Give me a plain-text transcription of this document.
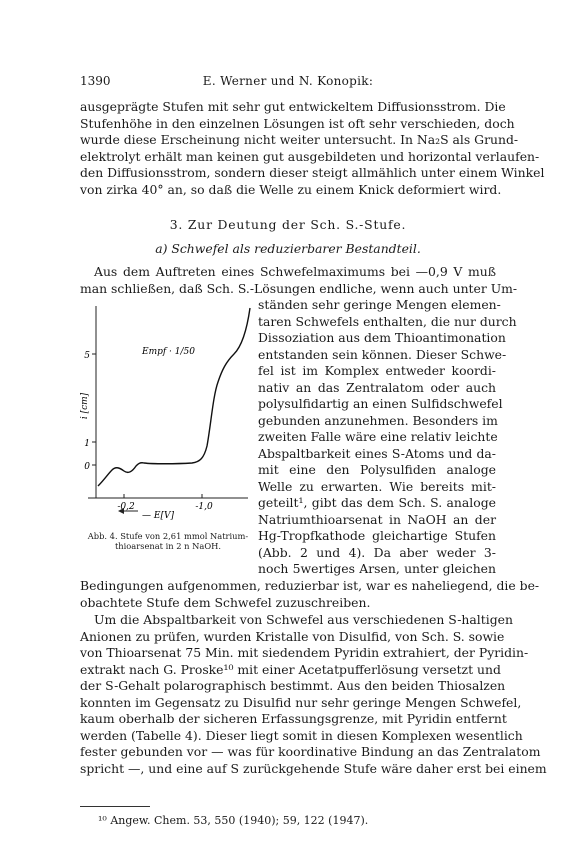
1390	E. Werner und N. Konopik:
ausgeprägte Stufen mit sehr gut entwickeltem Diffusionsstrom. Die
Stufenhöhe in den einzelnen Lösungen ist oft sehr verschieden, doch
wurde diese Erscheinung nicht weiter untersucht. In Na₂S als Grund-
elektrolyt erhält man keinen gut ausgebildeten und horizontal verlaufen-
den Diffusionsstrom, sondern dieser steigt allmählich unter einem Winkel
von zirka 40° an, so daß die Welle zu einem Knick deformiert wird.
3. Zur Deutung der Sch. S.-Stufe.
a) Schwefel als reduzierbarer Bestandteil.
Aus dem Auftreten eines Schwefelmaximums bei —0,9 V muß
man schließen, daß Sch. S.-Lösungen endliche, wenn auch unter Um-
ständen sehr geringe Mengen elemen-
taren Schwefels enthalten, die nur durch
Dissoziation aus dem Thioantimonation
entstanden sein können. Dieser Schwe-
fel ist im Komplex entweder koordi-
nativ an das Zentralatom oder auch
polysulfidartig an einen Sulfidschwefel
gebunden anzunehmen. Besonders im
zweiten Falle wäre eine relativ leichte
Abspaltbarkeit eines S-Atoms und da-
mit eine den Polysulfiden analoge
Welle zu erwarten. Wie bereits mit-
geteilt¹, gibt das dem Sch. S. analoge
Natriumthioarsenat in NaOH an der
Hg-Tropfkathode gleichartige Stufen
(Abb. 2 und 4). Da aber weder 3-
noch 5wertiges Arsen, unter gleichen
5
1
0
-0,2	-1,0
— E[V]
i [cm]
Empf · 1/50
Abb. 4. Stufe von 2,61 mmol Natrium-
thioarsenat in 2 n NaOH.
Bedingungen aufgenommen, reduzierbar ist, war es naheliegend, die be-
obachtete Stufe dem Schwefel zuzuschreiben.
Um die Abspaltbarkeit von Schwefel aus verschiedenen S-haltigen
Anionen zu prüfen, wurden Kristalle von Disulfid, von Sch. S. sowie
von Thioarsenat 75 Min. mit siedendem Pyridin extrahiert, der Pyridin-
extrakt nach G. Proske¹⁰ mit einer Acetatpufferlösung versetzt und
der S-Gehalt polarographisch bestimmt. Aus den beiden Thiosalzen
konnten im Gegensatz zu Disulfid nur sehr geringe Mengen Schwefel,
kaum oberhalb der sicheren Erfassungsgrenze, mit Pyridin entfernt
werden (Tabelle 4). Dieser liegt somit in diesen Komplexen wesentlich
fester gebunden vor — was für koordinative Bindung an das Zentralatom
spricht —, und eine auf S zurückgehende Stufe wäre daher erst bei einem
¹⁰ Angew. Chem. 53, 550 (1940); 59, 122 (1947).
